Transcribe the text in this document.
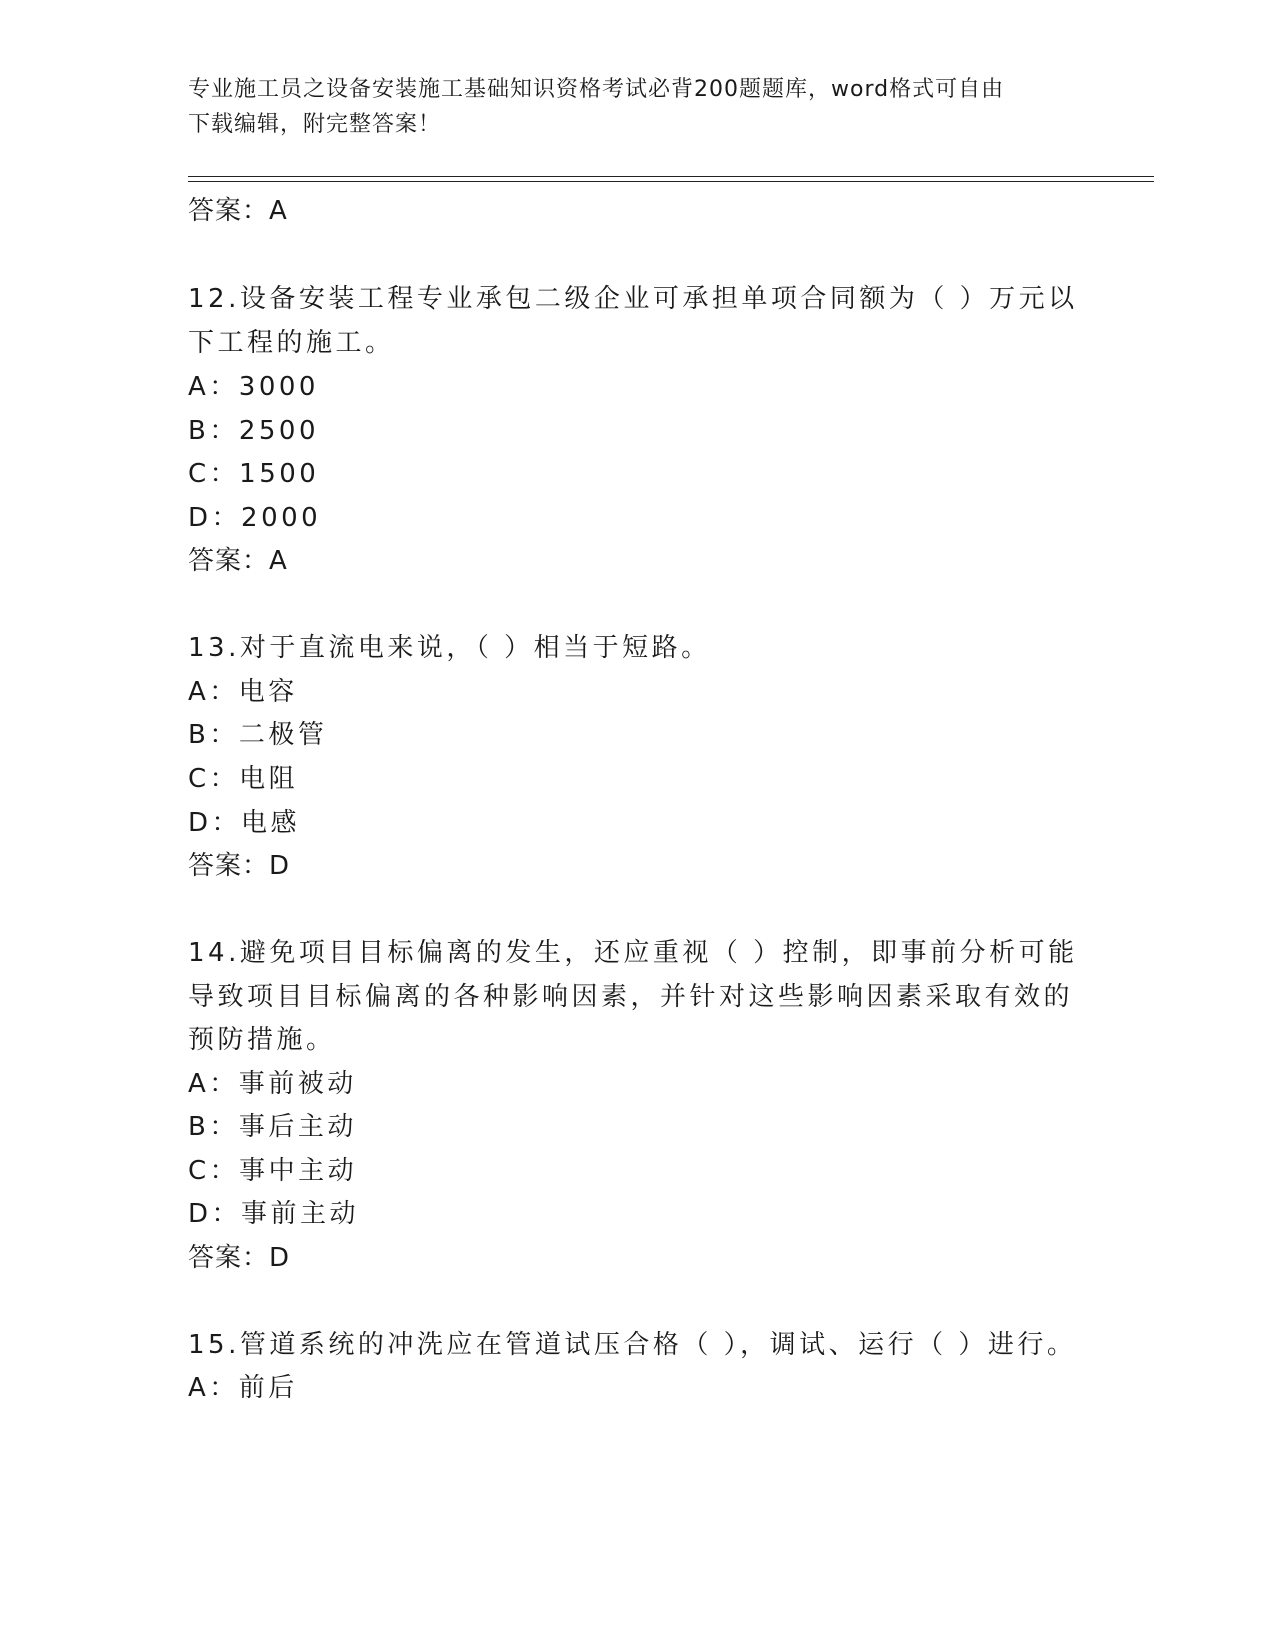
专业施工员之设备安装施工基础知识资格考试必背200题题库，word格式可自由
下载编辑，附完整答案！
答案：A
12.设备安装工程专业承包二级企业可承担单项合同额为（ ）万元以
下工程的施工。
A：3000
B：2500
C：1500
D：2000
答案：A
13.对于直流电来说，（ ）相当于短路。
A：电容
B：二极管
C：电阻
D：电感
答案：D
14.避免项目目标偏离的发生，还应重视（ ）控制，即事前分析可能
导致项目目标偏离的各种影响因素，并针对这些影响因素采取有效的
预防措施。
A：事前被动
B：事后主动
C：事中主动
D：事前主动
答案：D
15.管道系统的冲洗应在管道试压合格（ ），调试、运行（ ）进行。
A：前后
